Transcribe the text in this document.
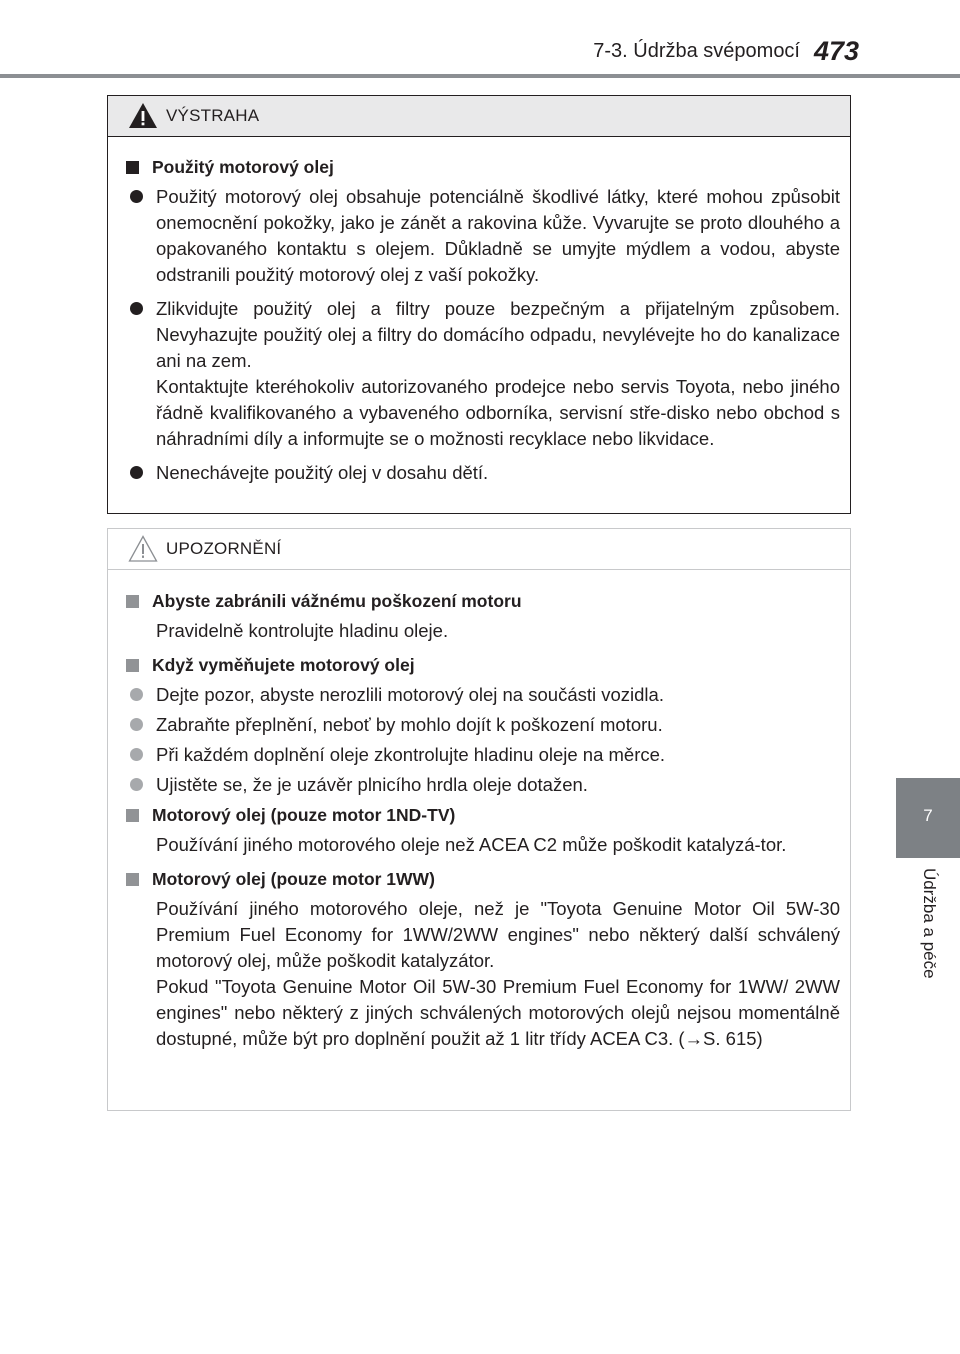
7-3. Údržba svépomocí 473
7
Údržba a péče
VÝSTRAHA
Použitý motorový olej
Použitý motorový olej obsahuje potenciálně škodlivé látky, které mohou způsobit onemocnění pokožky, jako je zánět a rakovina kůže. Vyvarujte se proto dlouhého a opakovaného kontaktu s olejem. Důkladně se umyjte mýdlem a vodou, abyste odstranili použitý motorový olej z vaší pokožky.
Zlikvidujte použitý olej a filtry pouze bezpečným a přijatelným způsobem. Nevyhazujte použitý olej a filtry do domácího odpadu, nevylévejte ho do kanalizace ani na zem.
Kontaktujte kteréhokoliv autorizovaného prodejce nebo servis Toyota, nebo jiného řádně kvalifikovaného a vybaveného odborníka, servisní stře-disko nebo obchod s náhradními díly a informujte se o možnosti recyklace nebo likvidace.
Nenechávejte použitý olej v dosahu dětí.
UPOZORNĚNÍ
Abyste zabránili vážnému poškození motoru
Pravidelně kontrolujte hladinu oleje.
Když vyměňujete motorový olej
Dejte pozor, abyste nerozlili motorový olej na součásti vozidla.
Zabraňte přeplnění, neboť by mohlo dojít k poškození motoru.
Při každém doplnění oleje zkontrolujte hladinu oleje na měrce.
Ujistěte se, že je uzávěr plnicího hrdla oleje dotažen.
Motorový olej (pouze motor 1ND-TV)
Používání jiného motorového oleje než ACEA C2 může poškodit katalyzá-tor.
Motorový olej (pouze motor 1WW)
Používání jiného motorového oleje, než je "Toyota Genuine Motor Oil 5W-30 Premium Fuel Economy for 1WW/2WW engines" nebo některý další schválený motorový olej, může poškodit katalyzátor.
Pokud "Toyota Genuine Motor Oil 5W-30 Premium Fuel Economy for 1WW/ 2WW engines" nebo některý z jiných schválených motorových olejů nejsou momentálně dostupné, může být pro doplnění použit až 1 litr třídy ACEA C3. (→S. 615)
